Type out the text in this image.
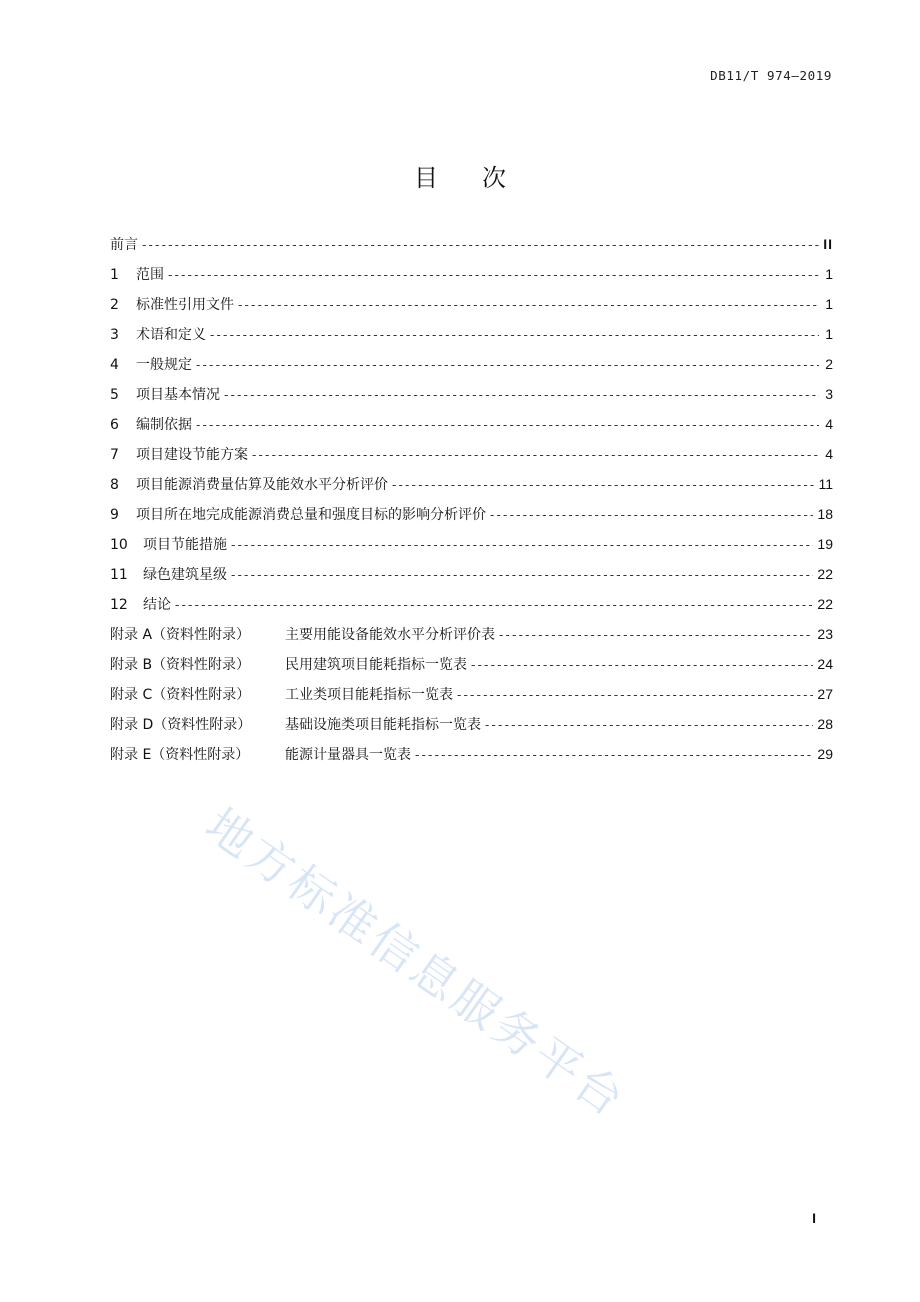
DB11/T 974—2019
目次
前言 -----	II
1	范围 -----	1
2	标准性引用文件 -----	1
3	术语和定义 -----	1
4	一般规定 -----	2
5	项目基本情况 -----	3
6	编制依据 -----	4
7	项目建设节能方案 -----	4
8	项目能源消费量估算及能效水平分析评价 -----	11
9	项目所在地完成能源消费总量和强度目标的影响分析评价 -----	18
10	项目节能措施 -----	19
11	绿色建筑星级 -----	22
12	结论 -----	22
附录 A（资料性附录）	主要用能设备能效水平分析评价表 -----	23
附录 B（资料性附录）	民用建筑项目能耗指标一览表 -----	24
附录 C（资料性附录）	工业类项目能耗指标一览表 -----	27
附录 D（资料性附录）	基础设施类项目能耗指标一览表 -----	28
附录 E（资料性附录）	能源计量器具一览表 -----	29
地方标准信息服务平台
I
